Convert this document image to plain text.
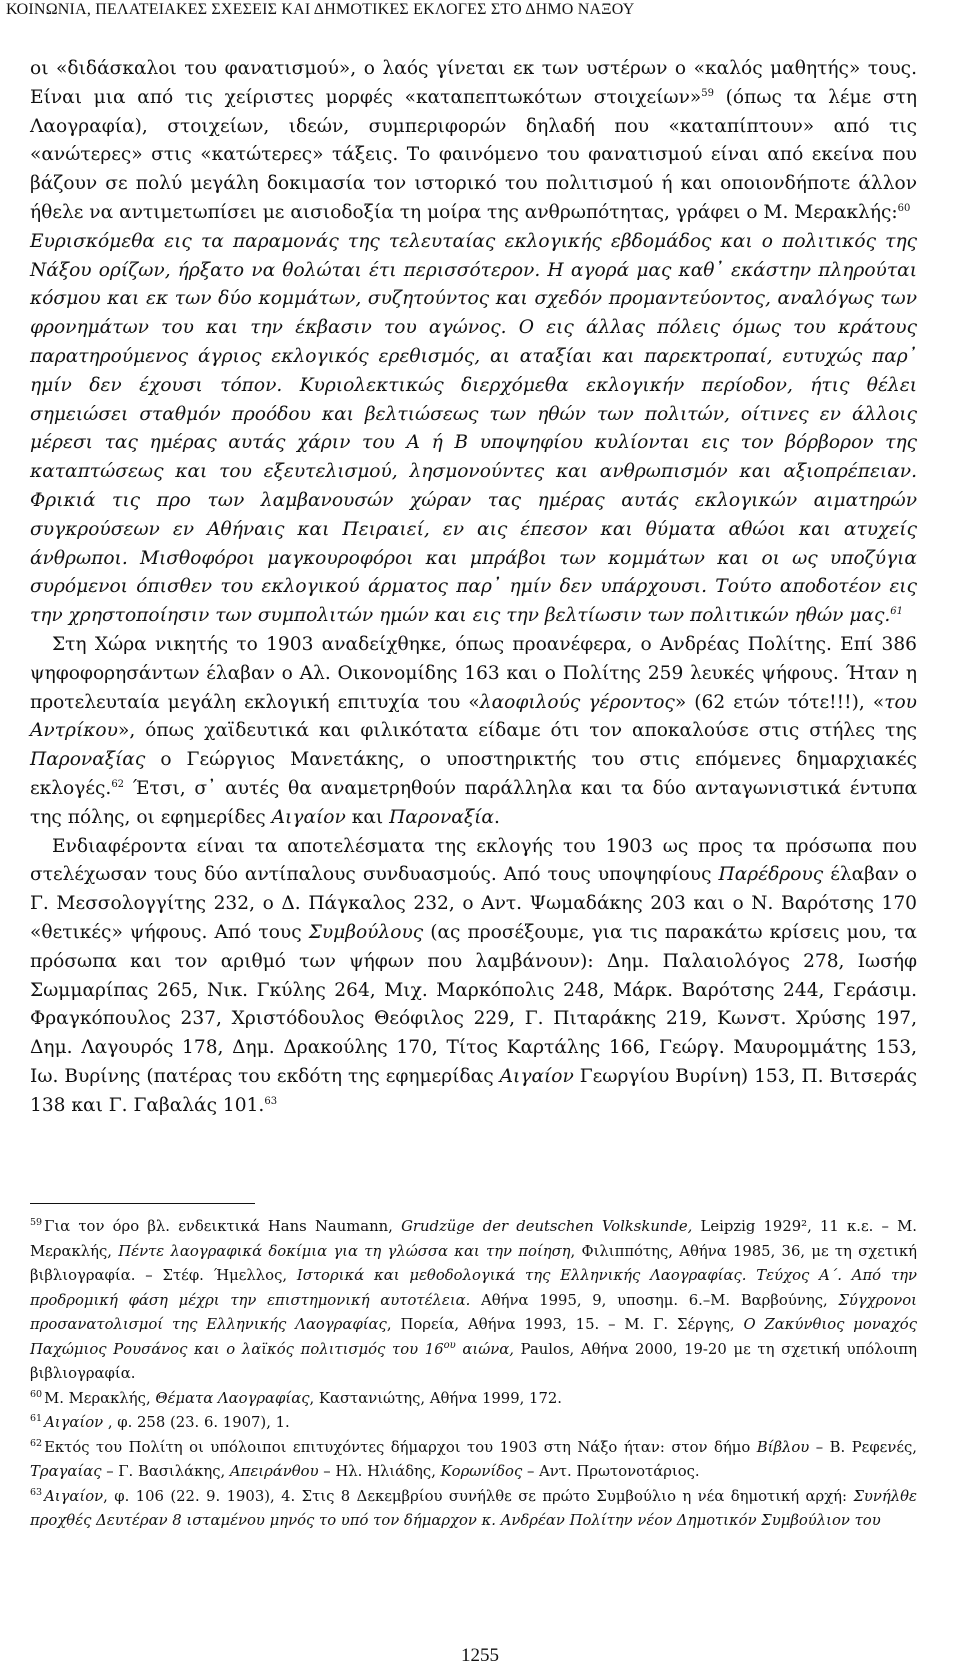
ΚΟΙΝΩΝΙΑ, ΠΕΛΑΤΕΙΑΚΕΣ ΣΧΕΣΕΙΣ ΚΑΙ ΔΗΜΟΤΙΚΕΣ ΕΚΛΟΓΕΣ ΣΤΟ ΔΗΜΟ ΝΑΞΟΥ

οι «διδάσκαλοι του φανατισμού», ο λαός γίνεται εκ των υστέρων ο «καλός μαθητής» τους. Είναι μια από τις χείριστες μορφές «καταπεπτωκότων στοιχείων»$^{59}$ (όπως τα λέμε στη Λαογραφία), στοιχείων, ιδεών, συμπεριφορών δηλαδή που «καταπίπτουν» από τις «ανώτερες» στις «κατώτερες» τάξεις. Το φαινόμενο του φανατισμού είναι από εκείνα που βάζουν σε πολύ μεγάλη δοκιμασία τον ιστορικό του πολιτισμού ή και οποιονδήποτε άλλον ήθελε να αντιμετωπίσει με αισιοδοξία τη μοίρα της ανθρωπότητας, γράφει ο Μ. Μερακλής:$^{60}$

Ευρισκόμεθα εις τα παραμονάς της τελευταίας εκλογικής εβδομάδος και ο πολιτικός της Νάξου ορίζων, ήρξατο να θολώται έτι περισσότερον. Η αγορά μας καθ᾽ εκάστην πληρούται κόσμου και εκ των δύο κομμάτων, συζητούντος και σχεδόν προμαντεύοντος, αναλόγως των φρονημάτων του και την έκβασιν του αγώνος. Ο εις άλλας πόλεις όμως του κράτους παρατηρούμενος άγριος εκλογικός ερεθισμός, αι αταξίαι και παρεκτροπαί, ευτυχώς παρ᾽ ημίν δεν έχουσι τόπον. Κυριολεκτικώς διερχόμεθα εκλογικήν περίοδον, ήτις θέλει σημειώσει σταθμόν προόδου και βελτιώσεως των ηθών των πολιτών, οίτινες εν άλλοις μέρεσι τας ημέρας αυτάς χάριν του Α ή Β υποψηφίου κυλίονται εις τον βόρβορον της καταπτώσεως και του εξευτελισμού, λησμονούντες και ανθρωπισμόν και αξιοπρέπειαν. Φρικιά τις προ των λαμβανουσών χώραν τας ημέρας αυτάς εκλογικών αιματηρών συγκρούσεων εν Αθήναις και Πειραιεί, εν αις έπεσον και θύματα αθώοι και ατυχείς άνθρωποι. Μισθοφόροι μαγκουροφόροι και μπράβοι των κομμάτων και οι ως υποζύγια συρόμενοι όπισθεν του εκλογικού άρματος παρ᾽ ημίν δεν υπάρχουσι. Τούτο αποδοτέον εις την χρηστοποίησιν των συμπολιτών ημών και εις την βελτίωσιν των πολιτικών ηθών μας.$^{61}$

Στη Χώρα νικητής το 1903 αναδείχθηκε, όπως προανέφερα, ο Ανδρέας Πολίτης. Επί 386 ψηφοφορησάντων έλαβαν ο Αλ. Οικονομίδης 163 και ο Πολίτης 259 λευκές ψήφους. Ήταν η προτελευταία μεγάλη εκλογική επιτυχία του «λαοφιλούς γέροντος» (62 ετών τότε!!!), «του Αντρίκου», όπως χαϊδευτικά και φιλικότατα είδαμε ότι τον αποκαλούσε στις στήλες της Παροναξίας ο Γεώργιος Μανετάκης, ο υποστηρικτής του στις επόμενες δημαρχιακές εκλογές.$^{62}$ Έτσι, σ᾽ αυτές θα αναμετρηθούν παράλληλα και τα δύο ανταγωνιστικά έντυπα της πόλης, οι εφημερίδες Αιγαίον και Παροναξία.

Ενδιαφέροντα είναι τα αποτελέσματα της εκλογής του 1903 ως προς τα πρόσωπα που στελέχωσαν τους δύο αντίπαλους συνδυασμούς. Από τους υποψηφίους Παρέδρους έλαβαν ο Γ. Μεσσολογγίτης 232, ο Δ. Πάγκαλος 232, ο Αντ. Ψωμαδάκης 203 και ο Ν. Βαρότσης 170 «θετικές» ψήφους. Από τους Συμβούλους (ας προσέξουμε, για τις παρακάτω κρίσεις μου, τα πρόσωπα και τον αριθμό των ψήφων που λαμβάνουν): Δημ. Παλαιολόγος 278, Ιωσήφ Σωμμαρίπας 265, Νικ. Γκύλης 264, Μιχ. Μαρκόπολις 248, Μάρκ. Βαρότσης 244, Γεράσιμ. Φραγκόπουλος 237, Χριστόδουλος Θεόφιλος 229, Γ. Πιταράκης 219, Κωνστ. Χρύσης 197, Δημ. Λαγουρός 178, Δημ. Δρακούλης 170, Τίτος Καρτάλης 166, Γεώργ. Μαυρομμάτης 153, Ιω. Βυρίνης (πατέρας του εκδότη της εφημερίδας Αιγαίον Γεωργίου Βυρίνη) 153, Π. Βιτσεράς 138 και Γ. Γαβαλάς 101.63

$^{59}$ Για τον όρο βλ. ενδεικτικά Hans Naumann, Grudzüge der deutschen Volkskunde, Leipzig 1929², 11 κ.ε. – Μ. Μερακλής, Πέντε λαογραφικά δοκίμια για τη γλώσσα και την ποίηση, Φιλιππότης, Αθήνα 1985, 36, με τη σχετική βιβλιογραφία. – Στέφ. Ήμελλος, Ιστορικά και μεθοδολογικά της Ελληνικής Λαογραφίας. Τεύχος Α΄. Από την προδρομική φάση μέχρι την επιστημονική αυτοτέλεια. Αθήνα 1995, 9, υποσημ. 6.–Μ. Βαρβούνης, Σύγχρονοι προσανατολισμοί της Ελληνικής Λαογραφίας, Πορεία, Αθήνα 1993, 15. – Μ. Γ. Σέργης, Ο Ζακύνθιος μοναχός Παχώμιος Ρουσάνος και ο λαϊκός πολιτισμός του $16^{o\upsilon}$ αιώνα, Paulos, Αθήνα 2000, 19-20 με τη σχετική υπόλοιπη βιβλιογραφία.

$^{60}$ Μ. Μερακλής, Θέματα Λαογραφίας, Καστανιώτης, Αθήνα 1999, 172.

$^{61}$ Αιγαίον , φ. 258 (23. 6. 1907), 1.

$^{62}$ Εκτός του Πολίτη οι υπόλοιποι επιτυχόντες δήμαρχοι του 1903 στη Νάξο ήταν: στον δήμο Βίβλου – Β. Ρεφενές, Τραγαίας – Γ. Βασιλάκης, Απειράνθου – Ηλ. Ηλιάδης, Κορωνίδος – Αντ. Πρωτονοτάριος.

$^{63}$ Αιγαίον, φ. 106 (22. 9. 1903), 4. Στις 8 Δεκεμβρίου συνήλθε σε πρώτο Συμβούλιο η νέα δημοτική αρχή: Συνήλθε προχθές Δευτέραν 8 ισταμένου μηνός το υπό τον δήμαρχον κ. Ανδρέαν Πολίτην νέον Δημοτικόν Συμβούλιον του

1255
